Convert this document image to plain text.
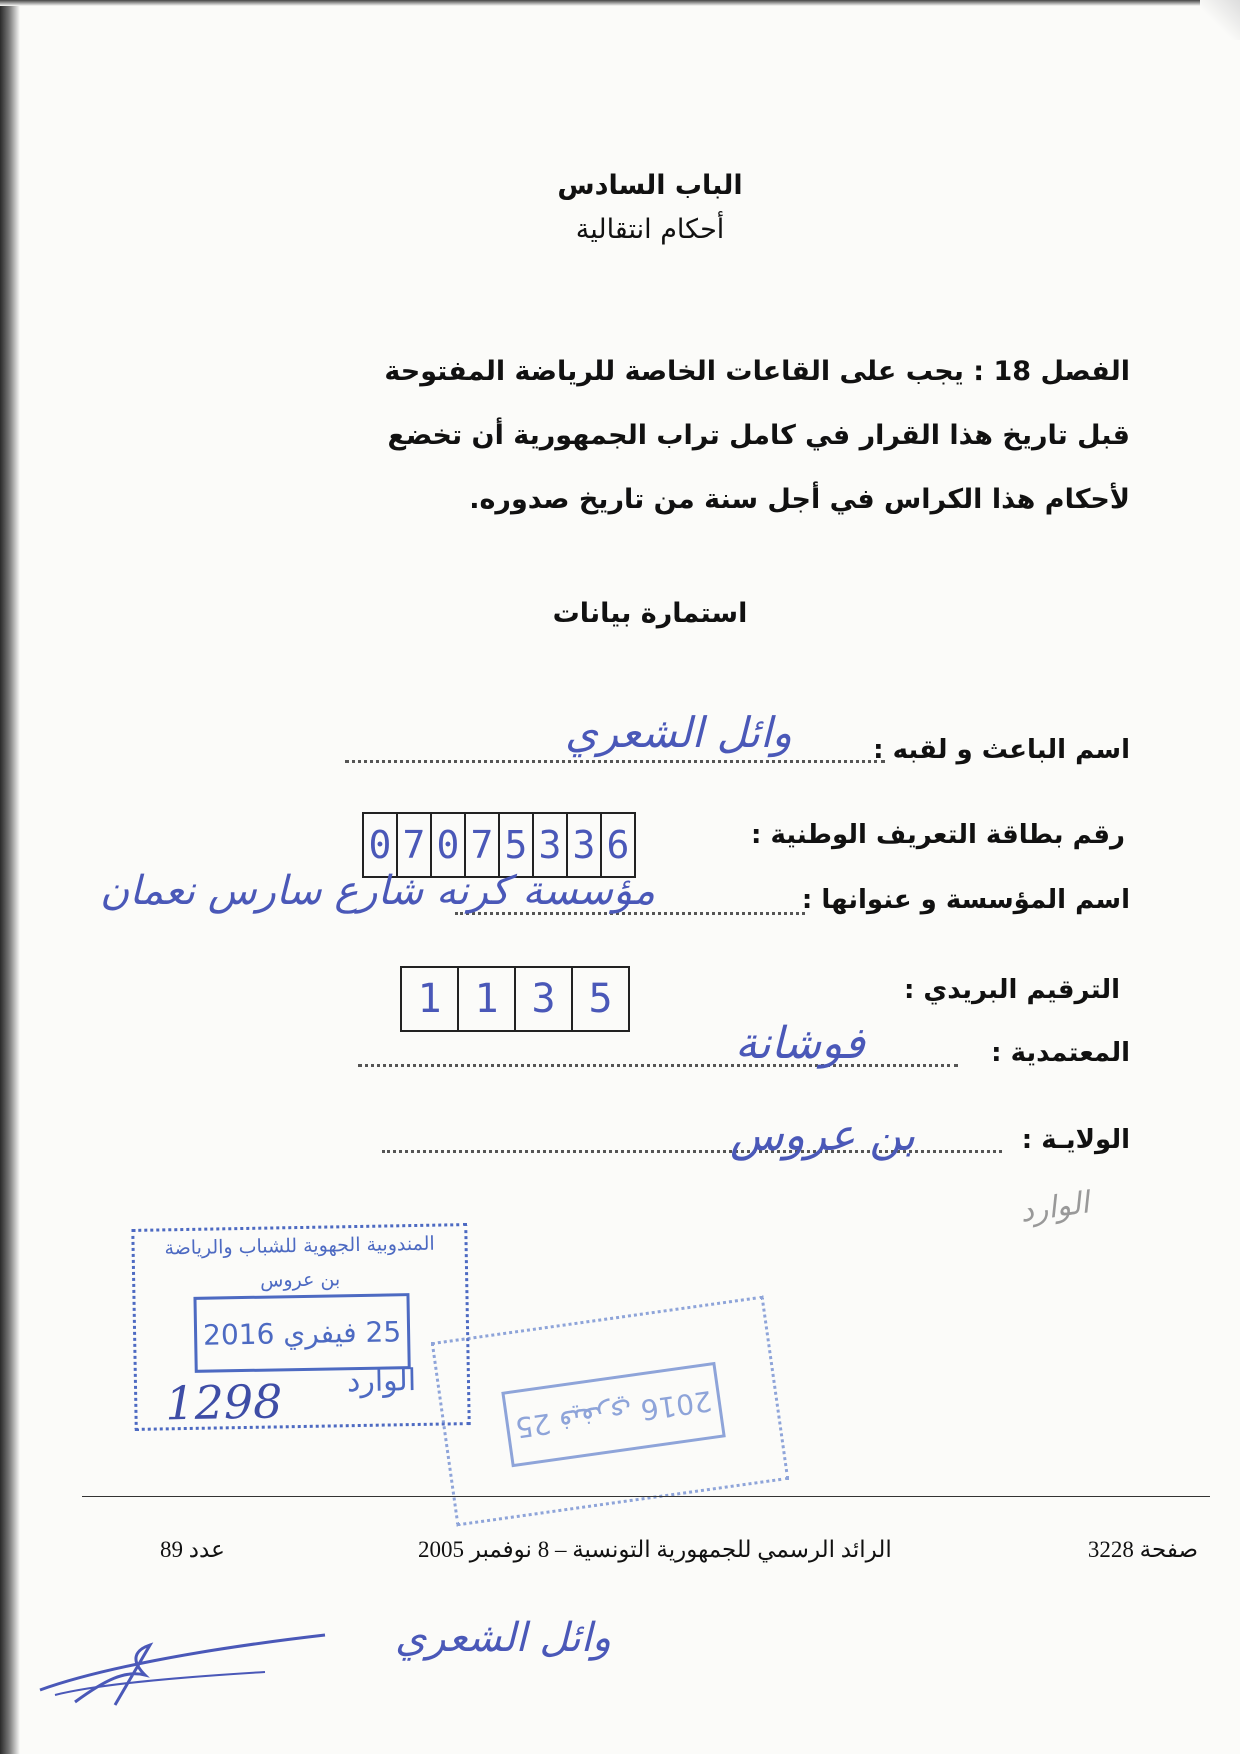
الباب السادس
أحكام انتقالية
الفصل 18 : يجب على القاعات الخاصة للرياضة المفتوحة قبل تاريخ هذا القرار في كامل تراب الجمهورية أن تخضع لأحكام هذا الكراس في أجل سنة من تاريخ صدوره.
استمارة بيانات
اسم الباعث و لقبه :
وائل الشعري
رقم بطاقة التعريف الوطنية :
0 7 0 7 5 3 3 6
اسم المؤسسة و عنوانها :
مؤسسة كرنه شارع سارس نعمان
الترقيم البريدي :
1 1 3 5
المعتمدية :
فوشانة
الولايـة :
بن عروس
الوارد
المندوبية الجهوية للشباب والرياضة
بن عروس
25 فيفري 2016
الوارد
1298	25 فيفري 2016
صفحة 3228
الرائد الرسمي للجمهورية التونسية – 8 نوفمبر 2005
عدد 89
وائل الشعري
